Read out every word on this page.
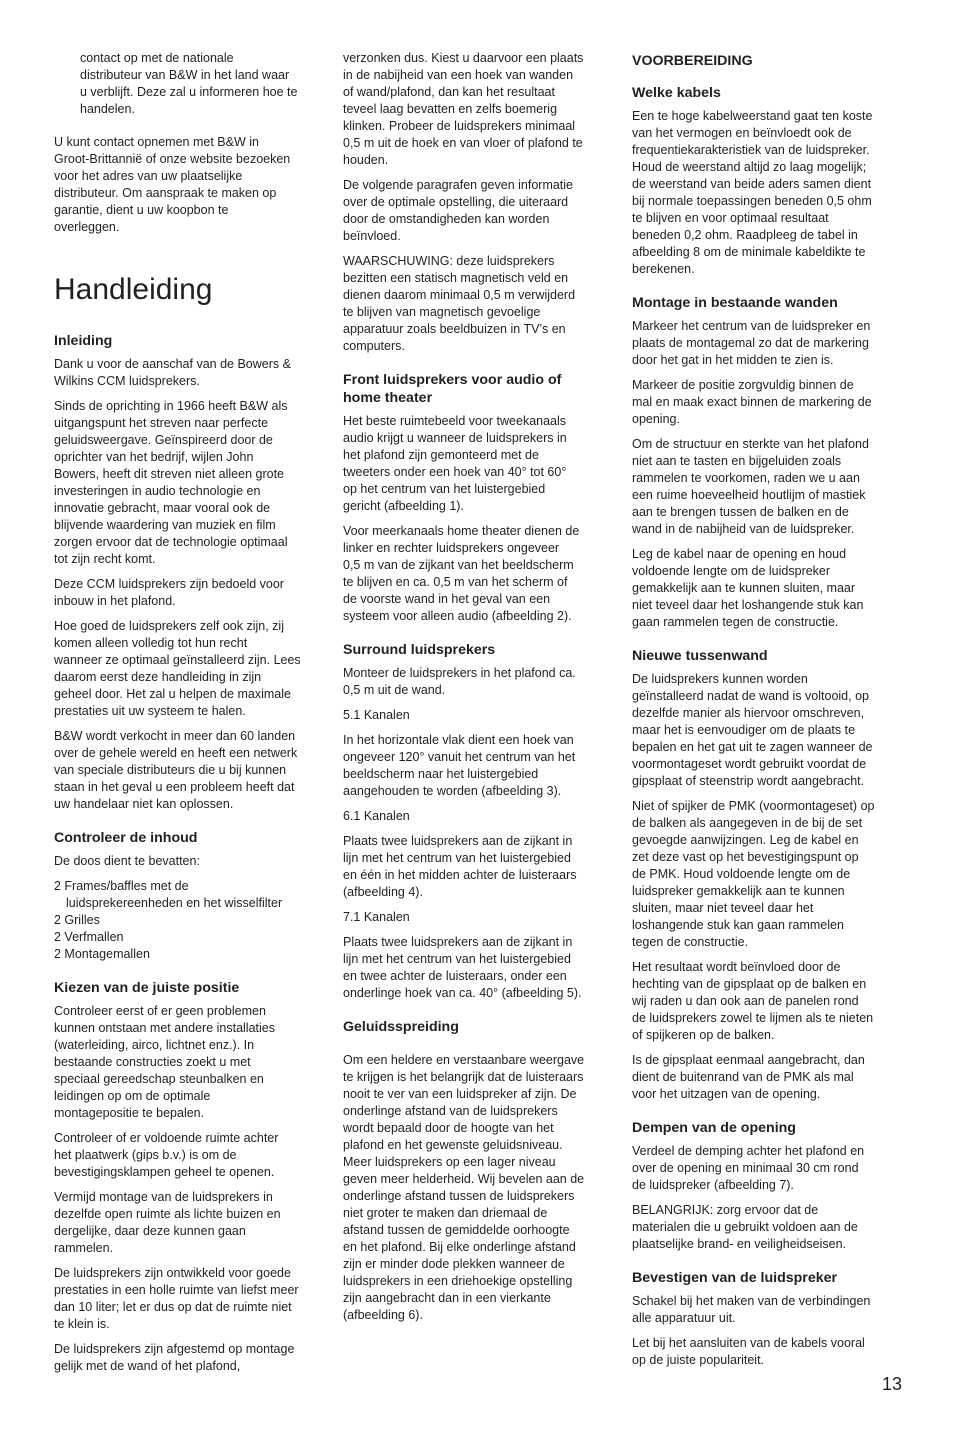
contact op met de nationale
distributeur van B&W in het land waar
u verblijft. Deze zal u informeren hoe te
handelen.

U kunt contact opnemen met B&W in
Groot-Brittannië of onze website bezoeken
voor het adres van uw plaatselijke
distributeur. Om aanspraak te maken op
garantie, dient u uw koopbon te
overleggen.

Handleiding
Inleiding

Dank u voor de aanschaf van de Bowers &
Wilkins CCM luidsprekers.

Sinds de oprichting in 1966 heeft B&W als
uitgangspunt het streven naar perfecte
geluidsweergave. Geïnspireerd door de
oprichter van het bedrijf, wijlen John
Bowers, heeft dit streven niet alleen grote
investeringen in audio technologie en
innovatie gebracht, maar vooral ook de
blijvende waardering van muziek en film
zorgen ervoor dat de technologie optimaal
tot zijn recht komt.

Deze CCM luidsprekers zijn bedoeld voor
inbouw in het plafond.

Hoe goed de luidsprekers zelf ook zijn, zij
komen alleen volledig tot hun recht
wanneer ze optimaal geïnstalleerd zijn. Lees
daarom eerst deze handleiding in zijn
geheel door. Het zal u helpen de maximale
prestaties uit uw systeem te halen.

B&W wordt verkocht in meer dan 60 landen
over de gehele wereld en heeft een netwerk
van speciale distributeurs die u bij kunnen
staan in het geval u een probleem heeft dat
uw handelaar niet kan oplossen.

Controleer de inhoud

De doos dient te bevatten:

2 Frames/baffles met de
luidsprekereenheden en het wisselfilter

2 Grilles

2 Verfmallen

2 Montagemallen

Kiezen van de juiste positie

Controleer eerst of er geen problemen
kunnen ontstaan met andere installaties
(waterleiding, airco, lichtnet enz.). In
bestaande constructies zoekt u met
speciaal gereedschap steunbalken en
leidingen op om de optimale
montagepositie te bepalen.

Controleer of er voldoende ruimte achter
het plaatwerk (gips b.v.) is om de
bevestigingsklampen geheel te openen.

Vermijd montage van de luidsprekers in
dezelfde open ruimte als lichte buizen en
dergelijke, daar deze kunnen gaan
rammelen.

De luidsprekers zijn ontwikkeld voor goede
prestaties in een holle ruimte van liefst meer
dan 10 liter; let er dus op dat de ruimte niet
te klein is.

De luidsprekers zijn afgestemd op montage
gelijk met de wand of het plafond,

verzonken dus. Kiest u daarvoor een plaats
in de nabijheid van een hoek van wanden
of wand/plafond, dan kan het resultaat
teveel laag bevatten en zelfs boemerig
klinken. Probeer de luidsprekers minimaal
0,5 m uit de hoek en van vloer of plafond te
houden.

De volgende paragrafen geven informatie
over de optimale opstelling, die uiteraard
door de omstandigheden kan worden
beïnvloed.

WAARSCHUWING: deze luidsprekers
bezitten een statisch magnetisch veld en
dienen daarom minimaal 0,5 m verwijderd
te blijven van magnetisch gevoelige
apparatuur zoals beeldbuizen in TV’s en
computers.

Front luidsprekers voor audio of
home theater

Het beste ruimtebeeld voor tweekanaals
audio krijgt u wanneer de luidsprekers in
het plafond zijn gemonteerd met de
tweeters onder een hoek van 40° tot 60°
op het centrum van het luistergebied
gericht (afbeelding 1).

Voor meerkanaals home theater dienen de
linker en rechter luidsprekers ongeveer
0,5 m van de zijkant van het beeldscherm
te blijven en ca. 0,5 m van het scherm of
de voorste wand in het geval van een
systeem voor alleen audio (afbeelding 2).

Surround luidsprekers

Monteer de luidsprekers in het plafond ca.
0,5 m uit de wand.

5.1 Kanalen

In het horizontale vlak dient een hoek van
ongeveer 120° vanuit het centrum van het
beeldscherm naar het luistergebied
aangehouden te worden (afbeelding 3).

6.1 Kanalen

Plaats twee luidsprekers aan de zijkant in
lijn met het centrum van het luistergebied
en één in het midden achter de luisteraars
(afbeelding 4).

7.1 Kanalen

Plaats twee luidsprekers aan de zijkant in
lijn met het centrum van het luistergebied
en twee achter de luisteraars, onder een
onderlinge hoek van ca. 40° (afbeelding 5).

Geluidsspreiding

Om een heldere en verstaanbare weergave
te krijgen is het belangrijk dat de luisteraars
nooit te ver van een luidspreker af zijn. De
onderlinge afstand van de luidsprekers
wordt bepaald door de hoogte van het
plafond en het gewenste geluidsniveau.
Meer luidsprekers op een lager niveau
geven meer helderheid. Wij bevelen aan de
onderlinge afstand tussen de luidsprekers
niet groter te maken dan driemaal de
afstand tussen de gemiddelde oorhoogte
en het plafond. Bij elke onderlinge afstand
zijn er minder dode plekken wanneer de
luidsprekers in een driehoekige opstelling
zijn aangebracht dan in een vierkante
(afbeelding 6).

VOORBEREIDING
Welke kabels

Een te hoge kabelweerstand gaat ten koste
van het vermogen en beïnvloedt ook de
frequentiekarakteristiek van de luidspreker.
Houd de weerstand altijd zo laag mogelijk;
de weerstand van beide aders samen dient
bij normale toepassingen beneden 0,5 ohm
te blijven en voor optimaal resultaat
beneden 0,2 ohm. Raadpleeg de tabel in
afbeelding 8 om de minimale kabeldikte te
berekenen.

Montage in bestaande wanden

Markeer het centrum van de luidspreker en
plaats de montagemal zo dat de markering
door het gat in het midden te zien is.

Markeer de positie zorgvuldig binnen de
mal en maak exact binnen de markering de
opening.

Om de structuur en sterkte van het plafond
niet aan te tasten en bijgeluiden zoals
rammelen te voorkomen, raden we u aan
een ruime hoeveelheid houtlijm of mastiek
aan te brengen tussen de balken en de
wand in de nabijheid van de luidspreker.

Leg de kabel naar de opening en houd
voldoende lengte om de luidspreker
gemakkelijk aan te kunnen sluiten, maar
niet teveel daar het loshangende stuk kan
gaan rammelen tegen de constructie.

Nieuwe tussenwand

De luidsprekers kunnen worden
geïnstalleerd nadat de wand is voltooid, op
dezelfde manier als hiervoor omschreven,
maar het is eenvoudiger om de plaats te
bepalen en het gat uit te zagen wanneer de
voormontageset wordt gebruikt voordat de
gipsplaat of steenstrip wordt aangebracht.

Niet of spijker de PMK (voormontageset) op
de balken als aangegeven in de bij de set
gevoegde aanwijzingen. Leg de kabel en
zet deze vast op het bevestigingspunt op
de PMK. Houd voldoende lengte om de
luidspreker gemakkelijk aan te kunnen
sluiten, maar niet teveel daar het
loshangende stuk kan gaan rammelen
tegen de constructie.

Het resultaat wordt beïnvloed door de
hechting van de gipsplaat op de balken en
wij raden u dan ook aan de panelen rond
de luidsprekers zowel te lijmen als te nieten
of spijkeren op de balken.

Is de gipsplaat eenmaal aangebracht, dan
dient de buitenrand van de PMK als mal
voor het uitzagen van de opening.

Dempen van de opening

Verdeel de demping achter het plafond en
over de opening en minimaal 30 cm rond
de luidspreker (afbeelding 7).

BELANGRIJK: zorg ervoor dat de
materialen die u gebruikt voldoen aan de
plaatselijke brand- en veiligheidseisen.

Bevestigen van de luidspreker

Schakel bij het maken van de verbindingen
alle apparatuur uit.

Let bij het aansluiten van de kabels vooral
op de juiste populariteit.

13
